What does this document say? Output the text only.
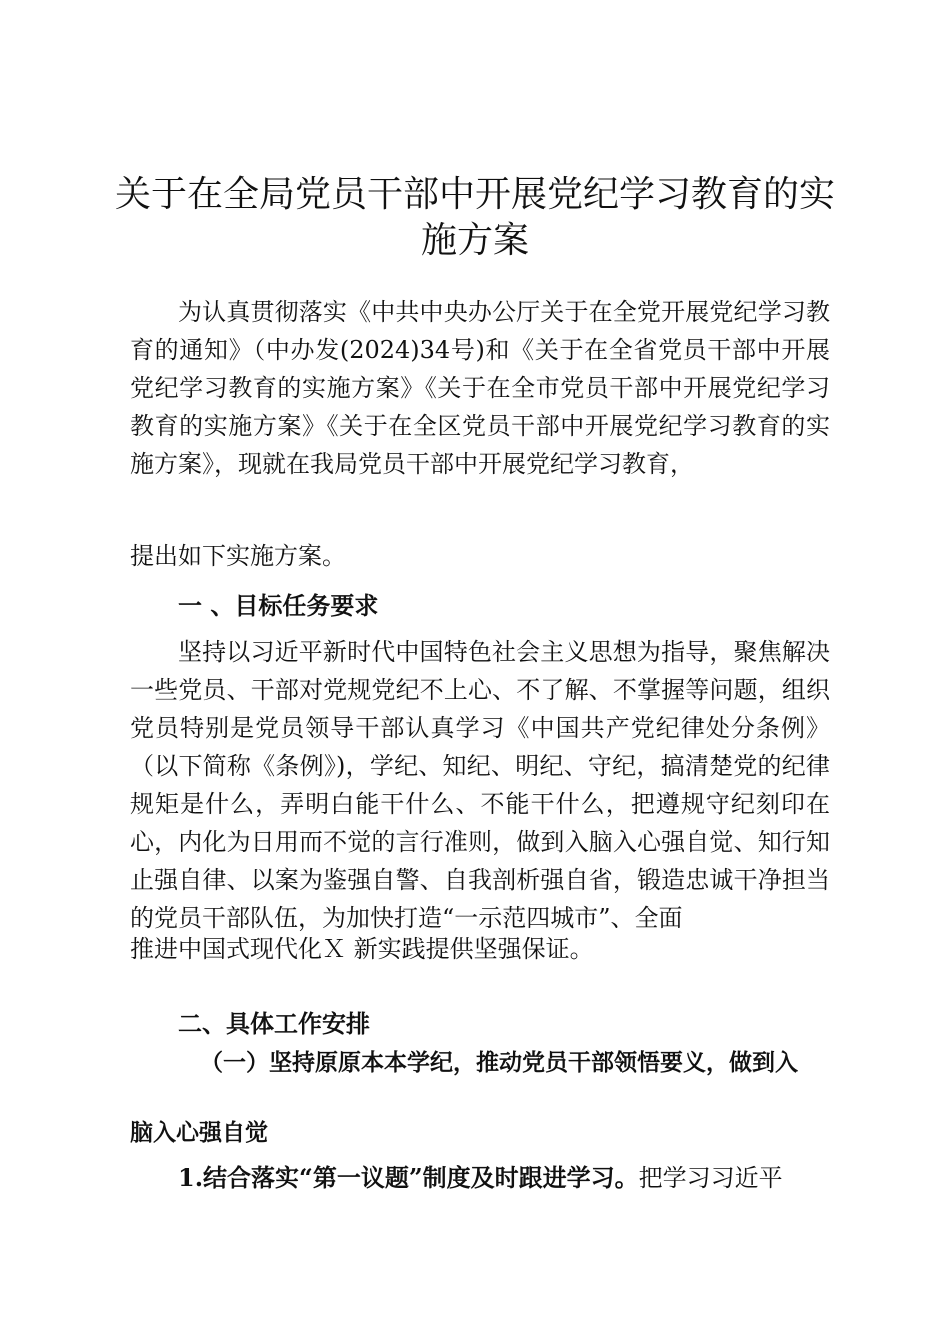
关于在全局党员干部中开展党纪学习教育的实施方案

为认真贯彻落实《中共中央办公厅关于在全党开展党纪学习教育的通知》（中办发(2024)34号)和《关于在全省党员干部中开展党纪学习教育的实施方案》《关于在全市党员干部中开展党纪学习教育的实施方案》《关于在全区党员干部中开展党纪学习教育的实施方案》，现就在我局党员干部中开展党纪学习教育，

提出如下实施方案。

一 、目标任务要求

坚持以习近平新时代中国特色社会主义思想为指导，聚焦解决一些党员、干部对党规党纪不上心、不了解、不掌握等问题，组织党员特别是党员领导干部认真学习《中国共产党纪律处分条例》（以下简称《条例》)，学纪、知纪、明纪、守纪，搞清楚党的纪律规矩是什么，弄明白能干什么、不能干什么，把遵规守纪刻印在心，内化为日用而不觉的言行准则，做到入脑入心强自觉、知行知止强自律、以案为鉴强自警、自我剖析强自省，锻造忠诚干净担当的党员干部队伍，为加快打造“一示范四城市”、全面

推进中国式现代化Ｘ 新实践提供坚强保证。

二、具体工作安排
（一）坚持原原本本学纪，推动党员干部领悟要义，做到入
脑入心强自觉

1.结合落实“第一议题”制度及时跟进学习。把学习习近平
